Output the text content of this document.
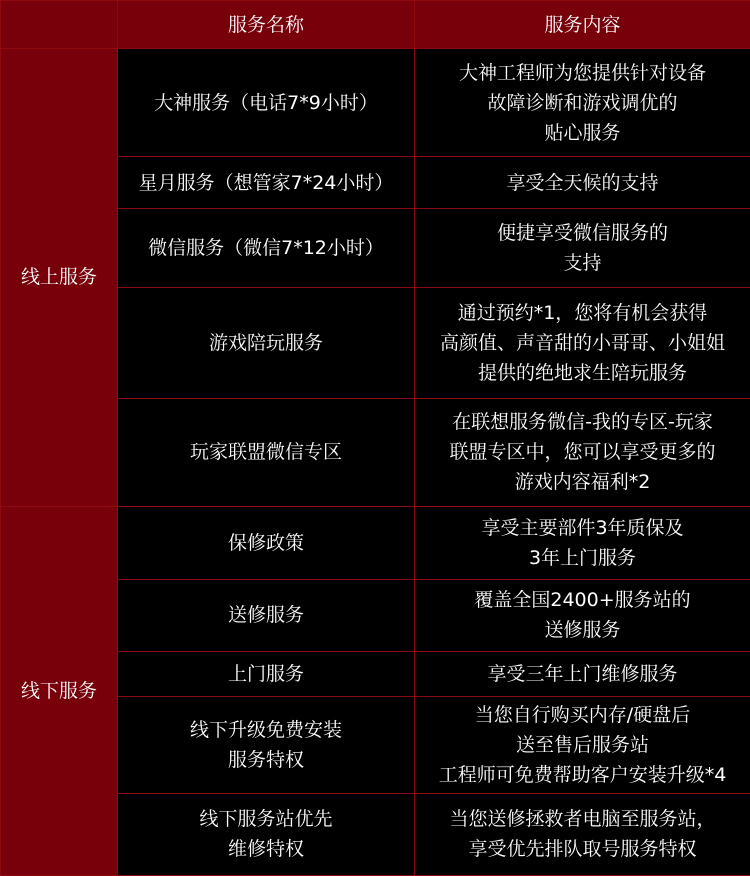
	服务名称	服务内容
线上服务	大神服务（电话7*9小时）	大神工程师为您提供针对设备
故障诊断和游戏调优的
贴心服务

	星月服务（想管家7*24小时）	享受全天候的支持

	微信服务（微信7*12小时）	便捷享受微信服务的
支持

	游戏陪玩服务	通过预约*1，您将有机会获得
高颜值、声音甜的小哥哥、小姐姐
提供的绝地求生陪玩服务

	玩家联盟微信专区	在联想服务微信-我的专区-玩家
联盟专区中，您可以享受更多的
游戏内容福利*2

线下服务	保修政策	享受主要部件3年质保及
3年上门服务

	送修服务	覆盖全国2400+服务站的
送修服务

	上门服务	享受三年上门维修服务

	线下升级免费安装
服务特权	当您自行购买内存/硬盘后
送至售后服务站
工程师可免费帮助客户安装升级*4

	线下服务站优先
维修特权	当您送修拯救者电脑至服务站，
享受优先排队取号服务特权
